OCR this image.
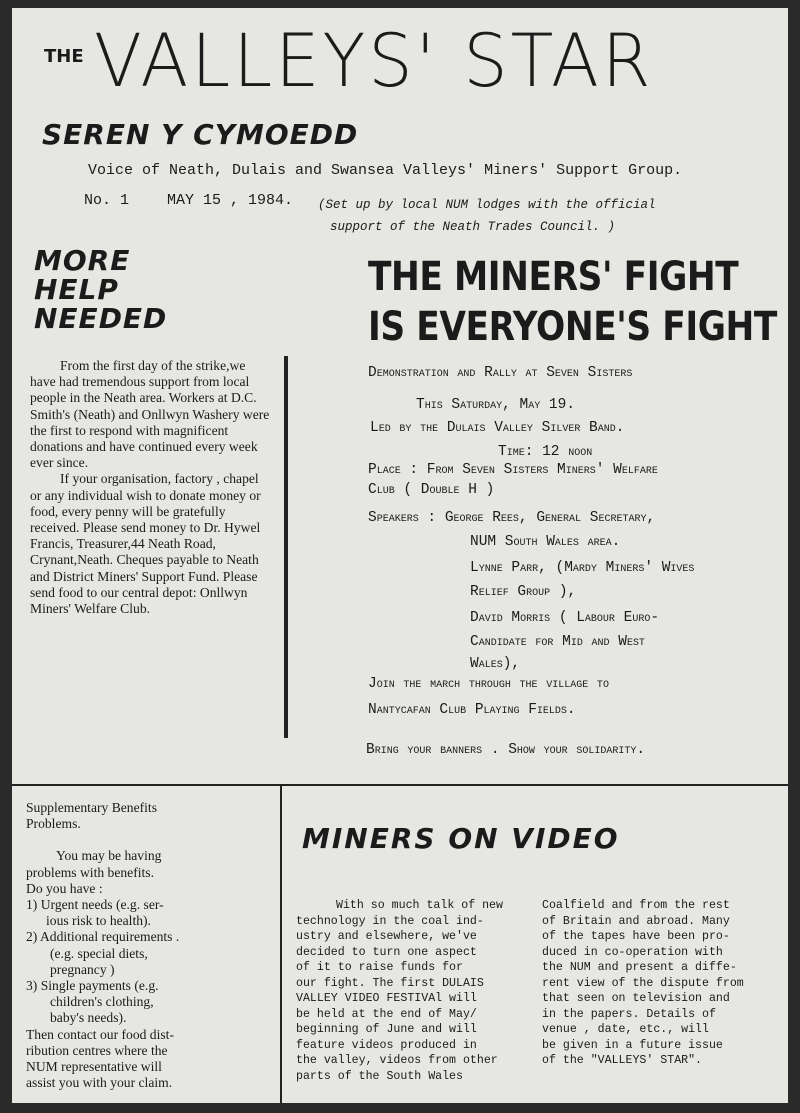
THE VALLEYS' STAR
SEREN Y CYMOEDD
Voice of Neath, Dulais and Swansea Valleys' Miners' Support Group.
No. 1	MAY 15 , 1984. (Set up by local NUM lodges with the official
support of the Neath Trades Council. )
MORE
HELP
NEEDED

From the first day of the strike,we have had tremendous support from local people in the Neath area. Workers at D.C. Smith's (Neath) and Onllwyn Washery were the first to respond with magnificent donations and have continued every week ever since.

If your organisation, factory , chapel or any individual wish to donate money or food, every penny will be gratefully received. Please send money to Dr. Hywel Francis, Treasurer,44 Neath Road, Crynant,Neath. Cheques payable to Neath and District Miners' Support Fund. Please send food to our central depot: Onllwyn Miners' Welfare Club.

THE MINERS' FIGHT
IS EVERYONE'S FIGHT
Demonstration and Rally at Seven Sisters
This Saturday, May 19.
Led by the Dulais Valley Silver Band.
Time: 12 noon
Place : From Seven Sisters Miners' Welfare
Club ( Double H )
Speakers : George Rees, General Secretary,
NUM South Wales area.
Lynne Parr, (Mardy Miners' Wives
Relief Group ),
David Morris ( Labour Euro-
Candidate for Mid and West
Wales),
Join the march through the village to
Nantycafan Club Playing Fields.
Bring your banners . Show your solidarity.

Supplementary Benefits

Problems.

You may be having

problems with benefits.

Do you have :

1) Urgent needs (e.g. ser-

ious risk to health).

2) Additional requirements .

(e.g. special diets,

pregnancy )

3) Single payments (e.g.

children's clothing,

baby's needs).

Then contact our food dist-

ribution centres where the

NUM representative will

assist you with your claim.

MINERS ON VIDEO

With so much talk of new

technology in the coal ind-

ustry and elsewhere, we've

decided to turn one aspect

of it to raise funds for

our fight. The first DULAIS

VALLEY VIDEO FESTIVAl will

be held at the end of May/

beginning of June and will

feature videos produced in

the valley, videos from other

parts of the South Wales

Coalfield and from the rest

of Britain and abroad. Many

of the tapes have been pro-

duced in co-operation with

the NUM and present a diffe-

rent view of the dispute from

that seen on television and

in the papers. Details of

venue , date, etc., will

be given in a future issue

of the "VALLEYS' STAR".
